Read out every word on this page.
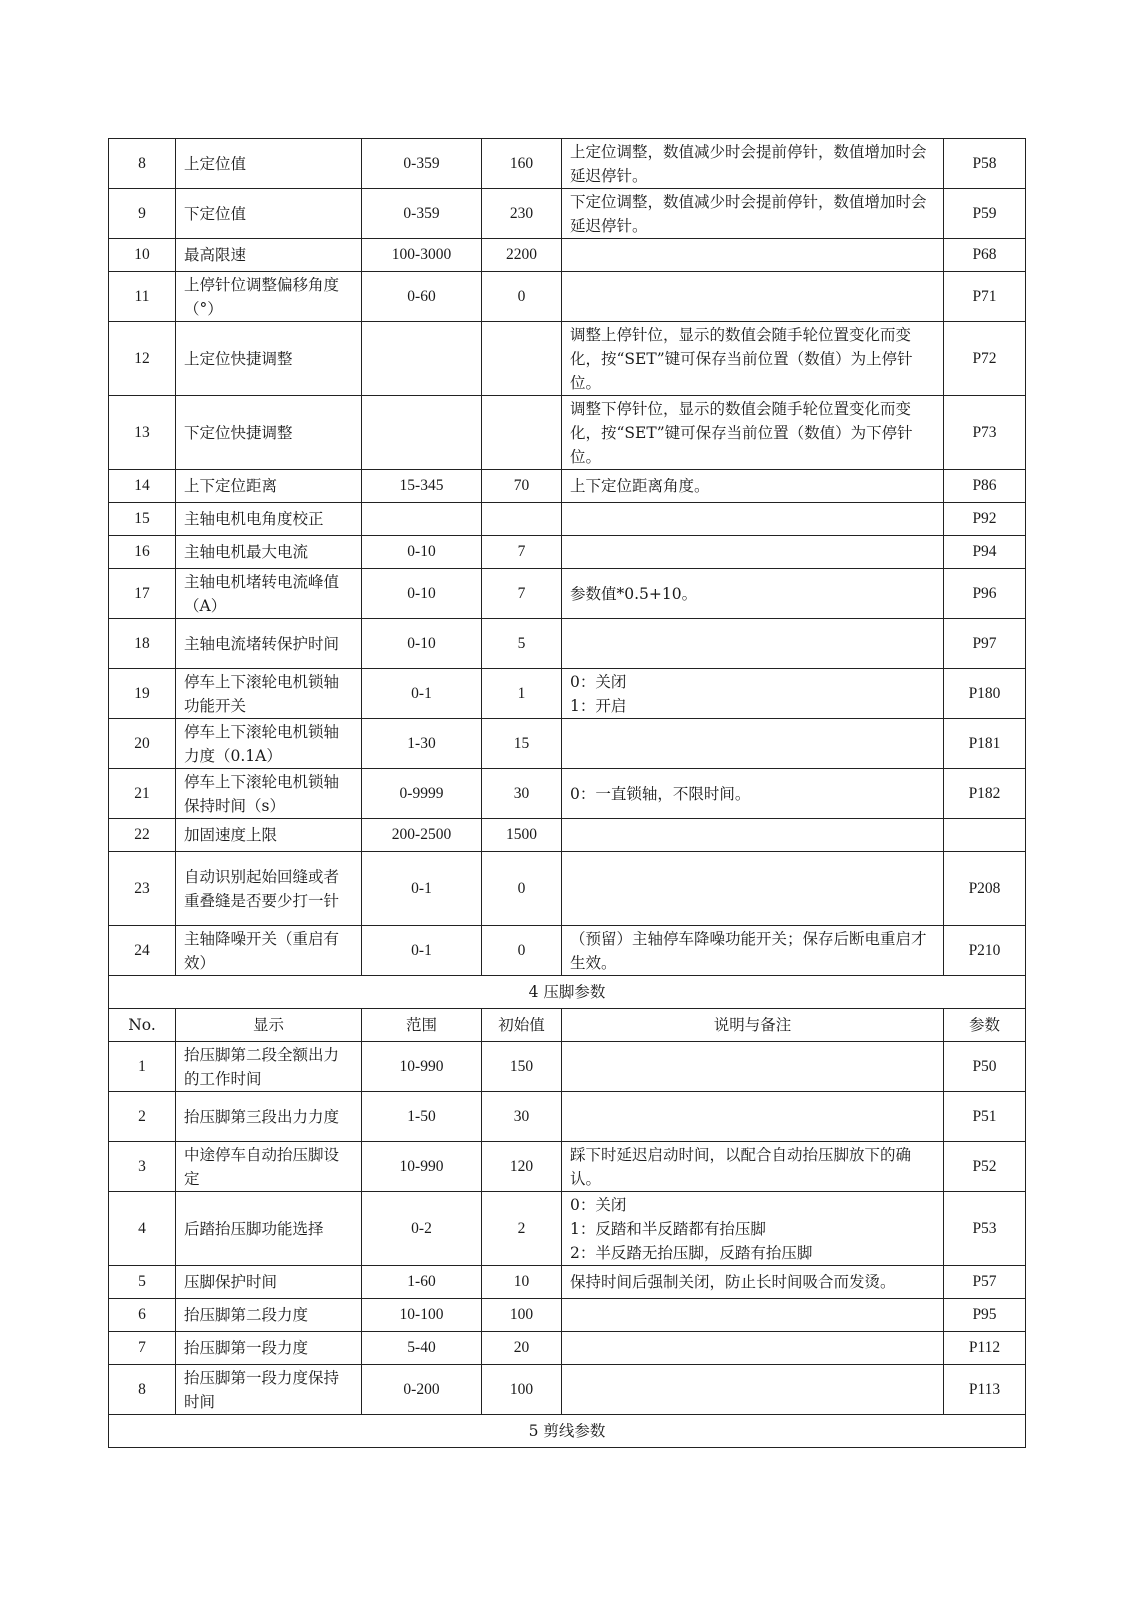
8	上定位值	0-359	160	上定位调整，数值减少时会提前停针，数值增加时会延迟停针。	P58
9	下定位值	0-359	230	下定位调整，数值减少时会提前停针，数值增加时会延迟停针。	P59
10	最高限速	100-3000	2200		P68
11	上停针位调整偏移角度（°）	0-60	0		P71
12	上定位快捷调整			调整上停针位，显示的数值会随手轮位置变化而变化，按“SET”键可保存当前位置（数值）为上停针位。	P72
13	下定位快捷调整			调整下停针位，显示的数值会随手轮位置变化而变化，按“SET”键可保存当前位置（数值）为下停针位。	P73
14	上下定位距离	15-345	70	上下定位距离角度。	P86
15	主轴电机电角度校正				P92
16	主轴电机最大电流	0-10	7		P94
17	主轴电机堵转电流峰值（A）	0-10	7	参数值*0.5+10。	P96
18	主轴电流堵转保护时间	0-10	5		P97
19	停车上下滚轮电机锁轴功能开关	0-1	1	0：关闭
1：开启	P180
20	停车上下滚轮电机锁轴力度（0.1A）	1-30	15		P181
21	停车上下滚轮电机锁轴保持时间（s）	0-9999	30	0：一直锁轴，不限时间。	P182
22	加固速度上限	200-2500	1500		
23	自动识别起始回缝或者重叠缝是否要少打一针	0-1	0		P208
24	主轴降噪开关（重启有效）	0-1	0	（预留）主轴停车降噪功能开关；保存后断电重启才生效。	P210
4 压脚参数					
No.	显示	范围	初始值	说明与备注	参数
1	抬压脚第二段全额出力的工作时间	10-990	150		P50
2	抬压脚第三段出力力度	1-50	30		P51
3	中途停车自动抬压脚设定	10-990	120	踩下时延迟启动时间，以配合自动抬压脚放下的确认。	P52
4	后踏抬压脚功能选择	0-2	2	0：关闭
1：反踏和半反踏都有抬压脚
2：半反踏无抬压脚，反踏有抬压脚	P53
5	压脚保护时间	1-60	10	保持时间后强制关闭，防止长时间吸合而发烫。	P57
6	抬压脚第二段力度	10-100	100		P95
7	抬压脚第一段力度	5-40	20		P112
8	抬压脚第一段力度保持时间	0-200	100		P113
5 剪线参数					
